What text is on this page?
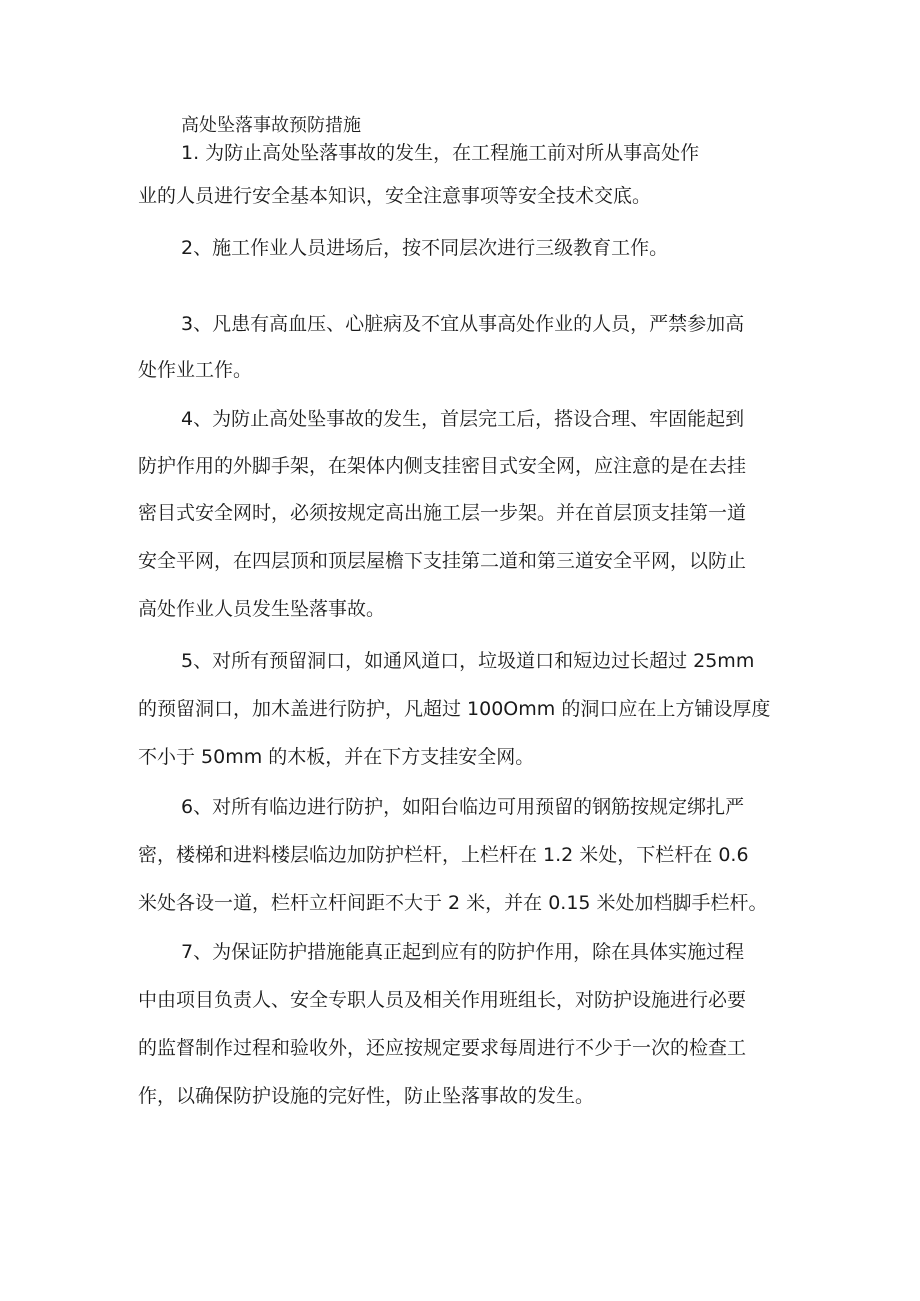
高处坠落事故预防措施
1. 为防止高处坠落事故的发生，在工程施工前对所从事高处作
业的人员进行安全基本知识，安全注意事项等安全技术交底。
2、施工作业人员进场后，按不同层次进行三级教育工作。
3、凡患有高血压、心脏病及不宜从事高处作业的人员，严禁参加高
处作业工作。
4、为防止高处坠事故的发生，首层完工后，搭设合理、牢固能起到
防护作用的外脚手架，在架体内侧支挂密目式安全网，应注意的是在去挂
密目式安全网时，必须按规定高出施工层一步架。并在首层顶支挂第一道
安全平网，在四层顶和顶层屋檐下支挂第二道和第三道安全平网，以防止
高处作业人员发生坠落事故。
5、对所有预留洞口，如通风道口，垃圾道口和短边过长超过 25mm
的预留洞口，加木盖进行防护，凡超过 100Omm 的洞口应在上方铺设厚度
不小于 50mm 的木板，并在下方支挂安全网。
6、对所有临边进行防护，如阳台临边可用预留的钢筋按规定绑扎严
密，楼梯和进料楼层临边加防护栏杆，上栏杆在 1.2 米处，下栏杆在 0.6
米处各设一道，栏杆立杆间距不大于 2 米，并在 0.15 米处加档脚手栏杆。
7、为保证防护措施能真正起到应有的防护作用，除在具体实施过程
中由项目负责人、安全专职人员及相关作用班组长，对防护设施进行必要
的监督制作过程和验收外，还应按规定要求每周进行不少于一次的检查工
作，以确保防护设施的完好性，防止坠落事故的发生。
